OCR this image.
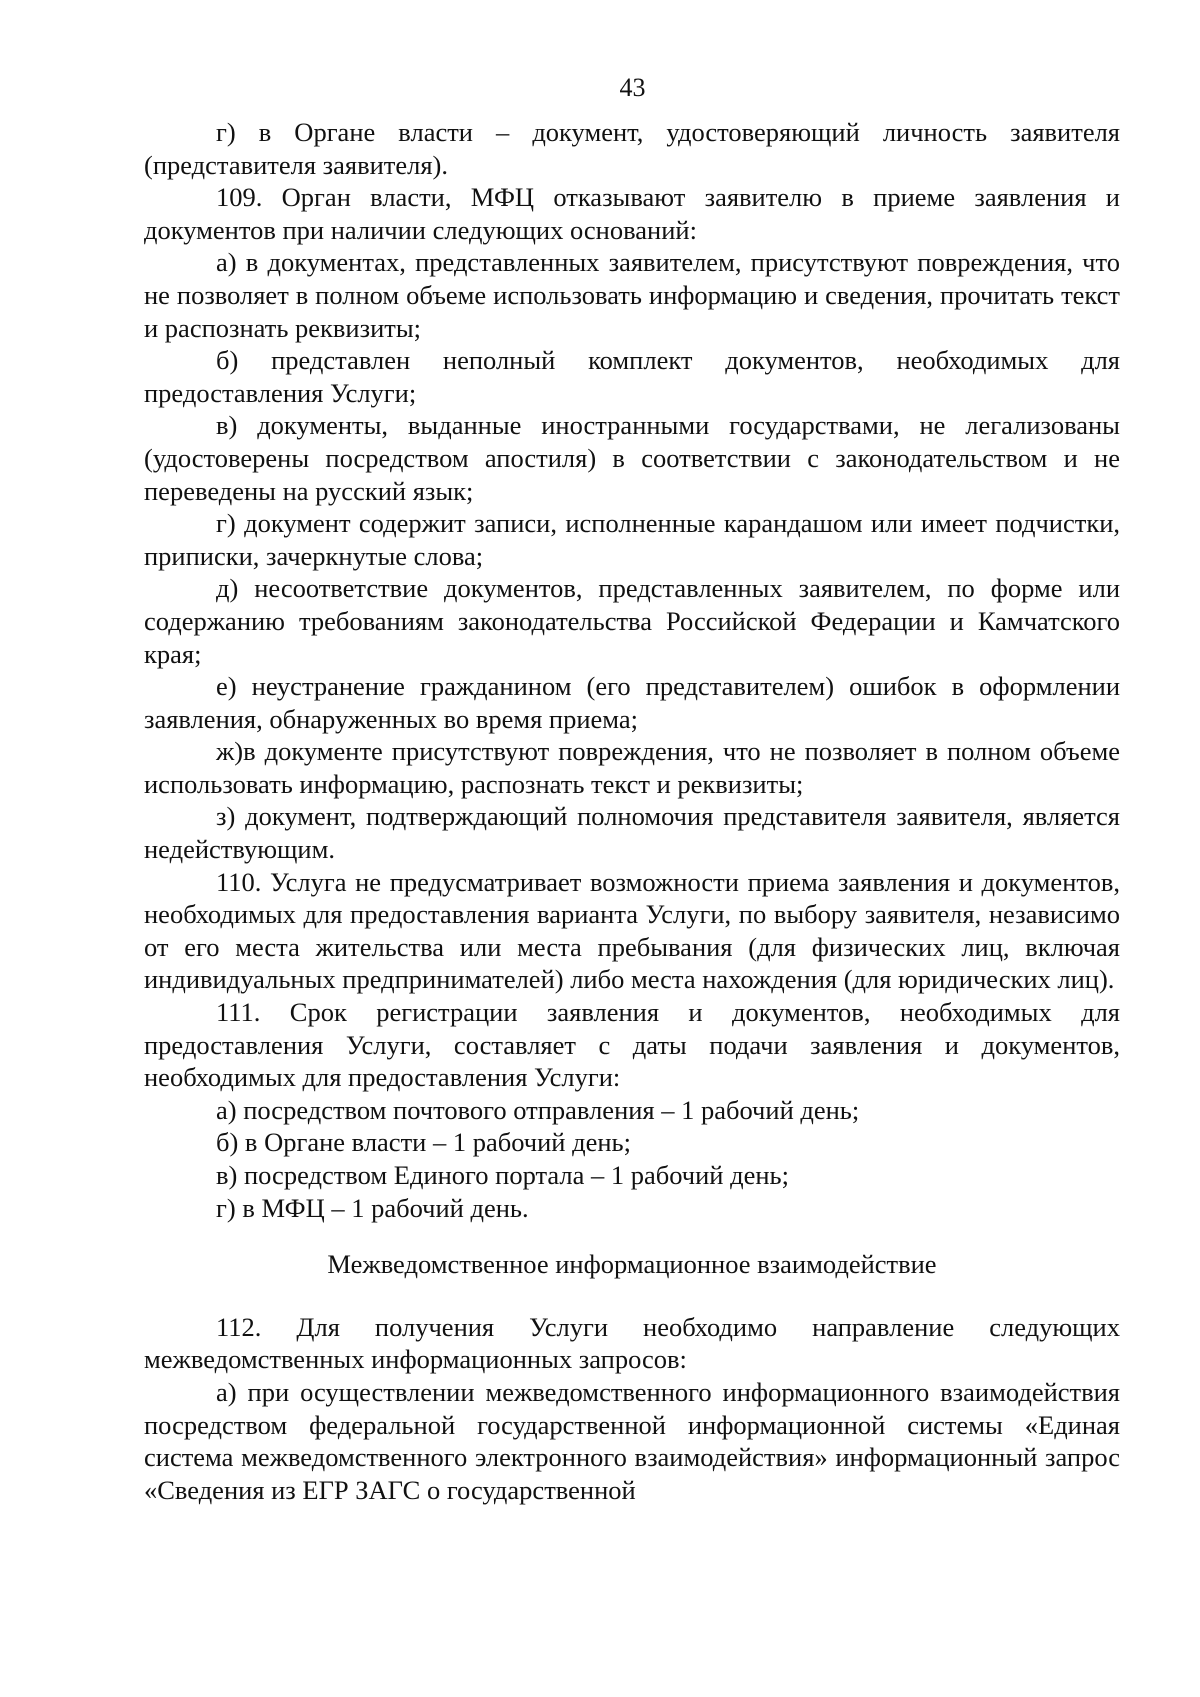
43

г) в Органе власти – документ, удостоверяющий личность заявителя (представителя заявителя).

109. Орган власти, МФЦ отказывают заявителю в приеме заявления и документов при наличии следующих оснований:

а) в документах, представленных заявителем, присутствуют повреждения, что не позволяет в полном объеме использовать информацию и сведения, прочитать текст и распознать реквизиты;

б) представлен неполный комплект документов, необходимых для предоставления Услуги;

в) документы, выданные иностранными государствами, не легализованы (удостоверены посредством апостиля) в соответствии с законодательством и не переведены на русский язык;

г) документ содержит записи, исполненные карандашом или имеет подчистки, приписки, зачеркнутые слова;

д) несоответствие документов, представленных заявителем, по форме или содержанию требованиям законодательства Российской Федерации и Камчатского края;

е) неустранение гражданином (его представителем) ошибок в оформлении заявления, обнаруженных во время приема;

ж)в документе присутствуют повреждения, что не позволяет в полном объеме использовать информацию, распознать текст и реквизиты;

з) документ, подтверждающий полномочия представителя заявителя, является недействующим.

110. Услуга не предусматривает возможности приема заявления и документов, необходимых для предоставления варианта Услуги, по выбору заявителя, независимо от его места жительства или места пребывания (для физических лиц, включая индивидуальных предпринимателей) либо места нахождения (для юридических лиц).

111. Срок регистрации заявления и документов, необходимых для предоставления Услуги, составляет с даты подачи заявления и документов, необходимых для предоставления Услуги:

а) посредством почтового отправления – 1 рабочий день;

б) в Органе власти – 1 рабочий день;

в) посредством Единого портала – 1 рабочий день;

г) в МФЦ – 1 рабочий день.

Межведомственное информационное взаимодействие

112. Для получения Услуги необходимо направление следующих межведомственных информационных запросов:

а) при осуществлении межведомственного информационного взаимодействия посредством федеральной государственной информационной системы «Единая система межведомственного электронного взаимодействия» информационный запрос «Сведения из ЕГР ЗАГС о государственной
